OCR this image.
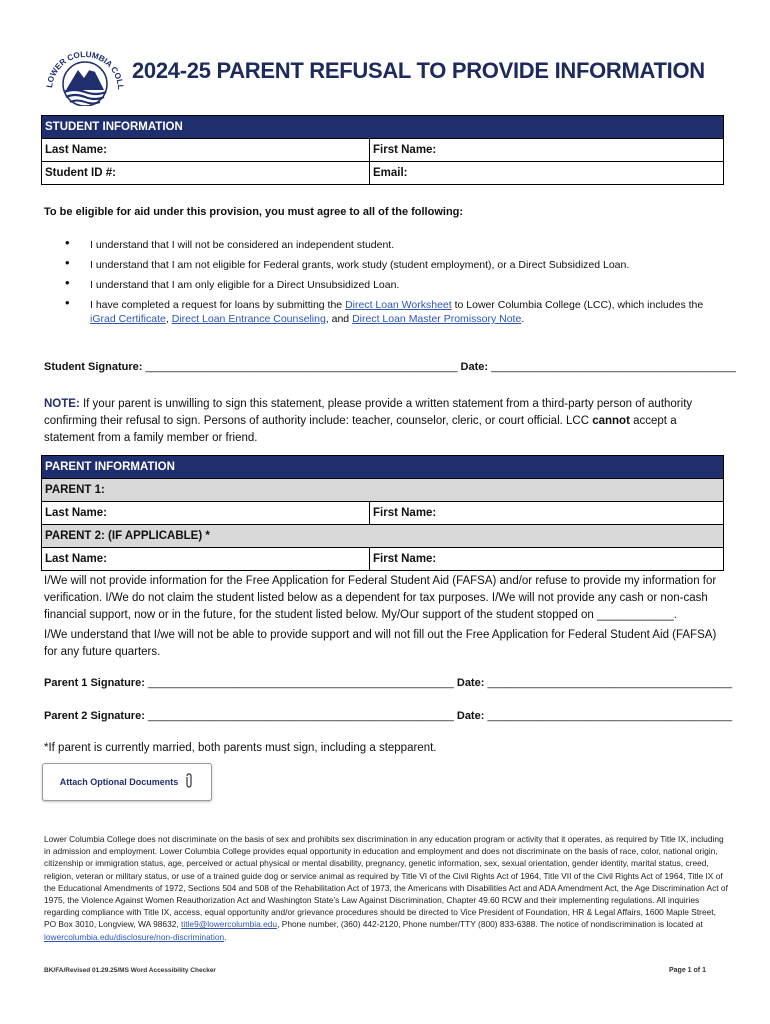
LOWER COLUMBIA COLL
2024-25 PARENT REFUSAL TO PROVIDE INFORMATION
STUDENT INFORMATION	
Last Name:	First Name:
Student ID #:	Email:
To be eligible for aid under this provision, you must agree to all of the following:
• I understand that I will not be considered an independent student.
• I understand that I am not eligible for Federal grants, work study (student employment), or a Direct Subsidized Loan.
• I understand that I am only eligible for a Direct Unsubsidized Loan.
• I have completed a request for loans by submitting the Direct Loan Worksheet to Lower Columbia College (LCC), which includes the iGrad Certificate, Direct Loan Entrance Counseling, and Direct Loan Master Promissory Note.
Student Signature: ___________________________________________________ Date: ________________________________________
NOTE: If your parent is unwilling to sign this statement, please provide a written statement from a third-party person of authority confirming their refusal to sign. Persons of authority include: teacher, counselor, cleric, or court official. LCC cannot accept a statement from a family member or friend.
PARENT INFORMATION	
PARENT 1:	
Last Name:	First Name:
PARENT 2: (IF APPLICABLE) *	
Last Name:	First Name:
I/We will not provide information for the Free Application for Federal Student Aid (FAFSA) and/or refuse to provide my information for verification. I/We do not claim the student listed below as a dependent for tax purposes. I/We will not provide any cash or non-cash financial support, now or in the future, for the student listed below. My/Our support of the student stopped on ____________.
I/We understand that I/we will not be able to provide support and will not fill out the Free Application for Federal Student Aid (FAFSA) for any future quarters.
Parent 1 Signature: __________________________________________________ Date: ________________________________________
Parent 2 Signature: __________________________________________________ Date: ________________________________________
*If parent is currently married, both parents must sign, including a stepparent.
Attach Optional Documents
Lower Columbia College does not discriminate on the basis of sex and prohibits sex discrimination in any education program or activity that it operates, as required by Title IX, including in admission and employment. Lower Columbia College provides equal opportunity in education and employment and does not discriminate on the basis of race, color, national origin, citizenship or immigration status, age, perceived or actual physical or mental disability, pregnancy, genetic information, sex, sexual orientation, gender identity, marital status, creed, religion, veteran or military status, or use of a trained guide dog or service animal as required by Title VI of the Civil Rights Act of 1964, Title VII of the Civil Rights Act of 1964, Title IX of the Educational Amendments of 1972, Sections 504 and 508 of the Rehabilitation Act of 1973, the Americans with Disabilities Act and ADA Amendment Act, the Age Discrimination Act of 1975, the Violence Against Women Reauthorization Act and Washington State’s Law Against Discrimination, Chapter 49.60 RCW and their implementing regulations. All inquiries regarding compliance with Title IX, access, equal opportunity and/or grievance procedures should be directed to Vice President of Foundation, HR & Legal Affairs, 1600 Maple Street, PO Box 3010, Longview, WA 98632, title9@lowercolumbia.edu, Phone number, (360) 442-2120, Phone number/TTY (800) 833-6388. The notice of nondiscrimination is located at lowercolumbia.edu/disclosure/non-discrimination.
BK/FA/Revised 01.29.25/MS Word Accessibility Checker	Page 1 of 1
